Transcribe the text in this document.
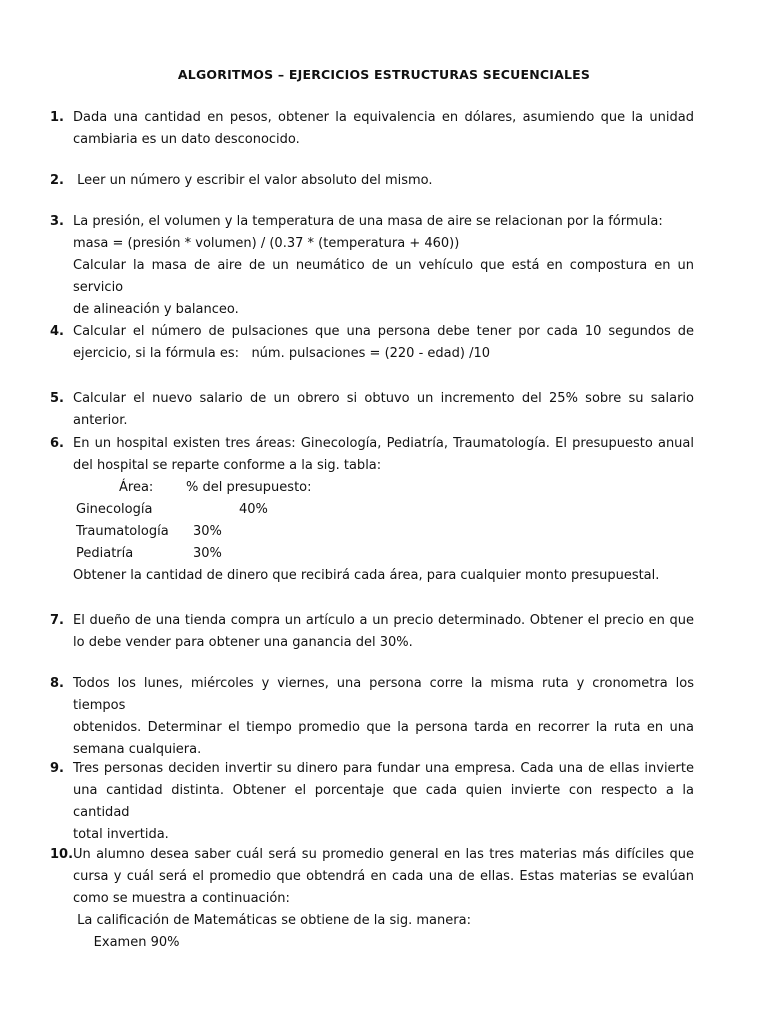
ALGORITMOS – EJERCICIOS ESTRUCTURAS SECUENCIALES
1. Dada una cantidad en pesos, obtener la equivalencia en dólares, asumiendo que la unidad
cambiaria es un dato desconocido.
2. Leer un número y escribir el valor absoluto del mismo.
3. La presión, el volumen y la temperatura de una masa de aire se relacionan por la fórmula:
masa = (presión * volumen) / (0.37 * (temperatura + 460))
Calcular la masa de aire de un neumático de un vehículo que está en compostura en un servicio
de alineación y balanceo.
4. Calcular el número de pulsaciones que una persona debe tener por cada 10 segundos de
ejercicio, si la fórmula es:   núm. pulsaciones = (220 - edad) /10
5. Calcular el nuevo salario de un obrero si obtuvo un incremento del 25% sobre su salario anterior.
6. En un hospital existen tres áreas: Ginecología, Pediatría, Traumatología. El presupuesto anual
del hospital se reparte conforme a la sig. tabla:
Área:	% del presupuesto:
Ginecología	40%
Traumatología 30%
Pediatría	30%
Obtener la cantidad de dinero que recibirá cada área, para cualquier monto presupuestal.
7. El dueño de una tienda compra un artículo a un precio determinado. Obtener el precio en que
lo debe vender para obtener una ganancia del 30%.
8. Todos los lunes, miércoles y viernes, una persona corre la misma ruta y cronometra los tiempos
obtenidos. Determinar el tiempo promedio que la persona tarda en recorrer la ruta en una
semana cualquiera.
9. Tres personas deciden invertir su dinero para fundar una empresa. Cada una de ellas invierte
una cantidad distinta. Obtener el porcentaje que cada quien invierte con respecto a la cantidad
total invertida.
10. Un alumno desea saber cuál será su promedio general en las tres materias más difíciles que
cursa y cuál será el promedio que obtendrá en cada una de ellas. Estas materias se evalúan
como se muestra a continuación:
La calificación de Matemáticas se obtiene de la sig. manera:
Examen 90%
